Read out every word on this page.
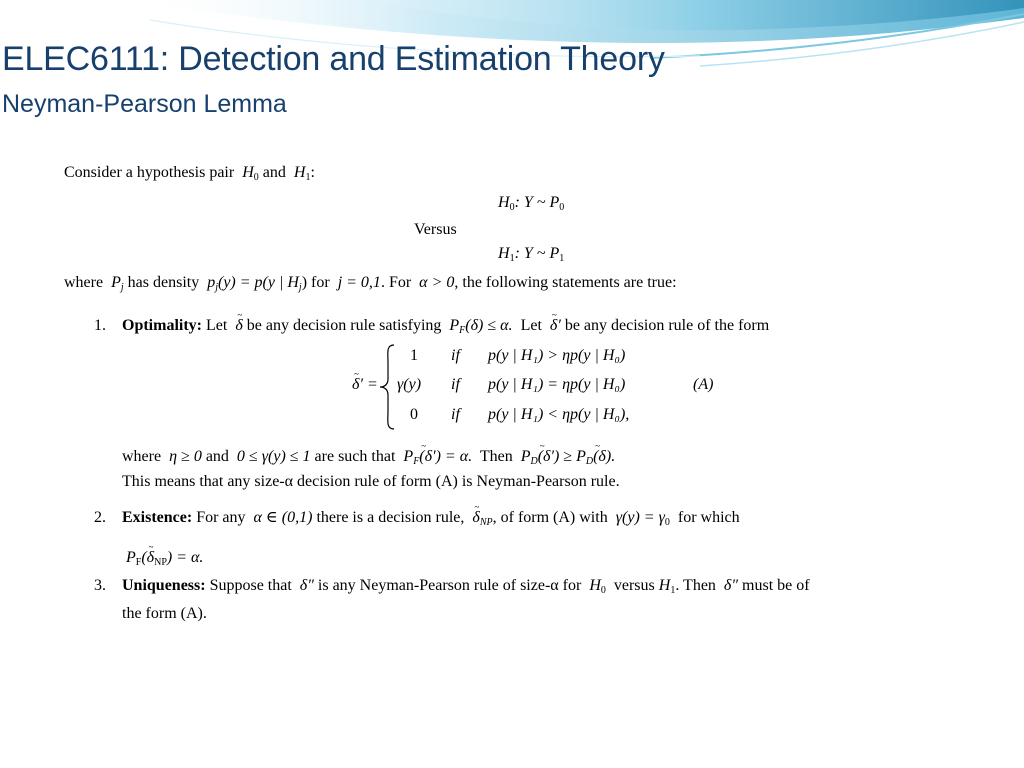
ELEC6111: Detection and Estimation Theory
Neyman-Pearson Lemma
Consider a hypothesis pair $H_0$ and $H_1$:
$H_0$: Y ~ $P_0$
Versus
$H_1$: Y ~ $P_1$
where $P_j$ has density $p_j(y) = p(y$ | $H_j$) for j = 0,1. For α > 0, the following statements are true:
1. Optimality: Let ~ δ be any decision rule satisfying $P_F(\delta) \le \alpha$. Let ~ δ′ be any decision rule of the form
~ δ′ =
1
γ(y)
0
if
if
if
p(y | H₁) > ηp(y | H₀)
p(y | H₁) = ηp(y | H₀)
p(y | H₁) < ηp(y | H₀),
(A)
where η ≥ 0 and 0 ≤ γ(y) ≤ 1 are such that $P_F\sim$ (δ′) = α. Then $P_D\sim$ $(\delta') \ge P_D\sim$ (δ).
This means that any size-α decision rule of form (A) is Neyman-Pearson rule.
2. Existence: For any α ∈ (0,1) there is a decision rule, ~ $\delta_{NP}$, of form (A) with $\gamma(y) = \gamma_0$ for which
$P_F(\sim$ $\delta_{NP}) = \alpha$.
3. Uniqueness: Suppose that δ″ is any Neyman-Pearson rule of size-α for $H_0$ versus $H_1$. Then δ″ must be of
the form (A).
